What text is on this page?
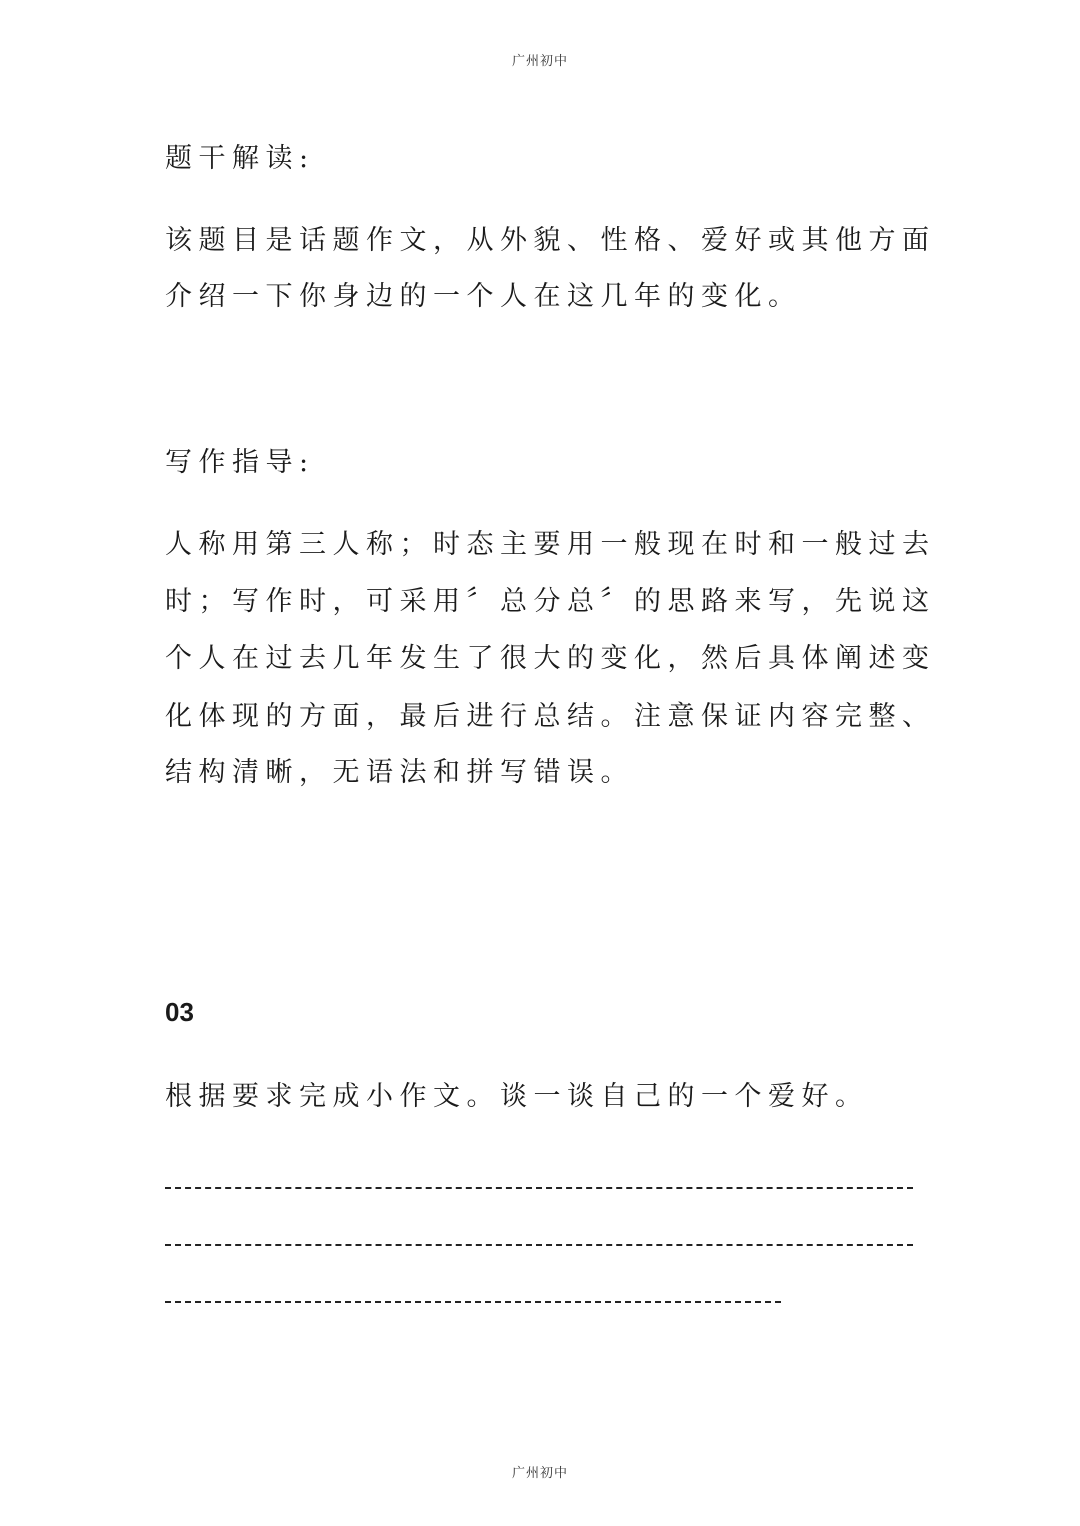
广州初中
题干解读:
该题目是话题作文，从外貌、性格、爱好或其他方面
介绍一下你身边的一个人在这几年的变化。
写作指导:
人称用第三人称；时态主要用一般现在时和一般过去
时；写作时，可采用〞总分总〞的思路来写，先说这
个人在过去几年发生了很大的变化，然后具体阐述变
化体现的方面，最后进行总结。注意保证内容完整、
结构清晰，无语法和拼写错误。
03
根据要求完成小作文。谈一谈自己的一个爱好。
广州初中
